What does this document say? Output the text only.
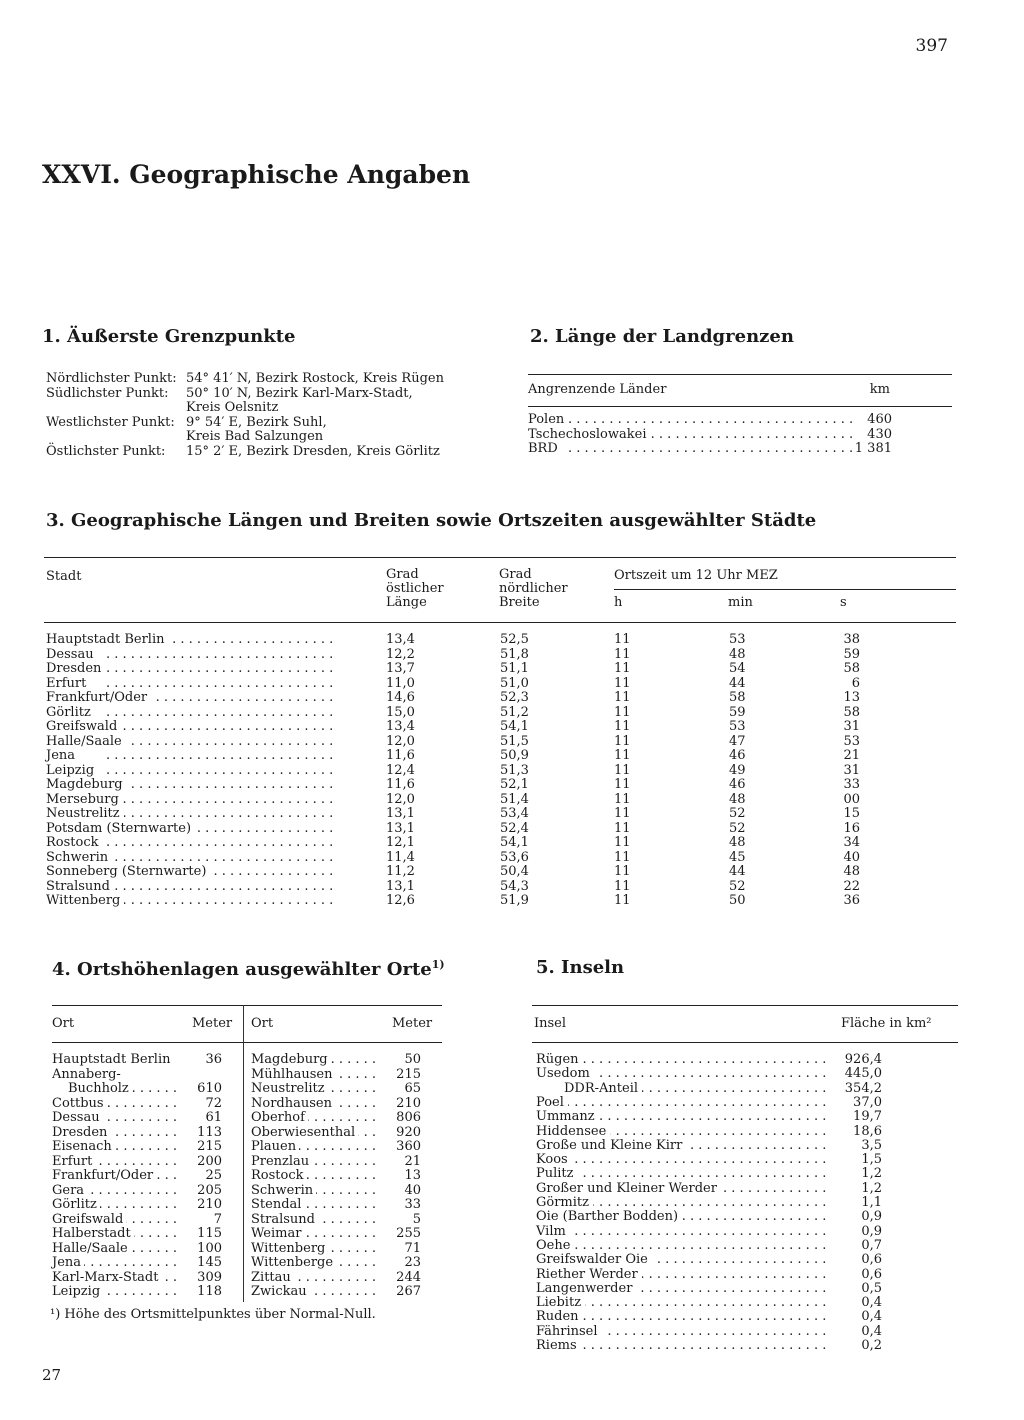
397
XXVI. Geographische Angaben
1. Äußerste Grenzpunkte
Nördlichster Punkt: 54° 41′ N, Bezirk Rostock, Kreis Rügen
Südlichster Punkt: 50° 10′ N, Bezirk Karl-Marx-Stadt,
Kreis Oelsnitz
Westlichster Punkt: 9° 54′ E, Bezirk Suhl,
Kreis Bad Salzungen
Östlichster Punkt: 15° 2′ E, Bezirk Dresden, Kreis Görlitz
2. Länge der Landgrenzen
Angrenzende Länder	km
Polen . . .	460
Tschechoslowakei . . .	430
BRD . . .	1 381
3. Geographische Längen und Breiten sowie Ortszeiten ausgewählter Städte
Stadt	Grad
östlicher
Länge
Grad
nördlicher
Breite
Ortszeit um 12 Uhr MEZ
h	min	s
Hauptstadt Berlin . . .	13,4	52,5	11	53	38
Dessau . . .	12,2	51,8	11	48	59
Dresden . . .	13,7	51,1	11	54	58
Erfurt . . .	11,0	51,0	11	44	6
Frankfurt/Oder . . .	14,6	52,3	11	58	13
Görlitz . . .	15,0	51,2	11	59	58
Greifswald . . .	13,4	54,1	11	53	31
Halle/Saale . . .	12,0	51,5	11	47	53
Jena . . .	11,6	50,9	11	46	21
Leipzig . . .	12,4	51,3	11	49	31
Magdeburg . . .	11,6	52,1	11	46	33
Merseburg . . .	12,0	51,4	11	48	00
Neustrelitz . . .	13,1	53,4	11	52	15
Potsdam (Sternwarte) . . .	13,1	52,4	11	52	16
Rostock . . .	12,1	54,1	11	48	34
Schwerin . . .	11,4	53,6	11	45	40
Sonneberg (Sternwarte) . . .	11,2	50,4	11	44	48
Stralsund . . .	13,1	54,3	11	52	22
Wittenberg . . .	12,6	51,9	11	50	36
4. Ortshöhenlagen ausgewählter Orte$^{1)}$
Ort	Meter Ort	Meter
Hauptstadt Berlin	36
Annaberg-
Buchholz . . .	610
Cottbus . . .	72
Dessau . . .	61
Dresden . . .	113
Eisenach . . .	215
Erfurt . . .	200
Frankfurt/Oder . . .	25
Gera . . .	205
Görlitz . . .	210
Greifswald . . .	7
Halberstadt . . .	115
Halle/Saale . . .	100
Jena . . .	145
Karl-Marx-Stadt . . .	309
Leipzig . . .	118
Magdeburg . . .	50
Mühlhausen . . .	215
Neustrelitz . . .	65
Nordhausen . . .	210
Oberhof . . .	806
Oberwiesenthal . . .	920
Plauen . . .	360
Prenzlau . . .	21
Rostock . . .	13
Schwerin . . .	40
Stendal . . .	33
Stralsund . . .	5
Weimar . . .	255
Wittenberg . . .	71
Wittenberge . . .	23
Zittau . . .	244
Zwickau . . .	267
¹) Höhe des Ortsmittelpunktes über Normal-Null.
5. Inseln
Insel	Fläche in km²
Rügen . . .	926,4
Usedom . . .	445,0
DDR-Anteil . . .	354,2
Poel . . .	37,0
Ummanz . . .	19,7
Hiddensee . . .	18,6
Große und Kleine Kirr . . .	3,5
Koos . . .	1,5
Pulitz . . .	1,2
Großer und Kleiner Werder . . .	1,2
Görmitz . . .	1,1
Oie (Barther Bodden) . . .	0,9
Vilm . . .	0,9
Oehe . . .	0,7
Greifswalder Oie . . .	0,6
Riether Werder . . .	0,6
Langenwerder . . .	0,5
Liebitz . . .	0,4
Ruden . . .	0,4
Fährinsel . . .	0,4
Riems . . .	0,2
27
